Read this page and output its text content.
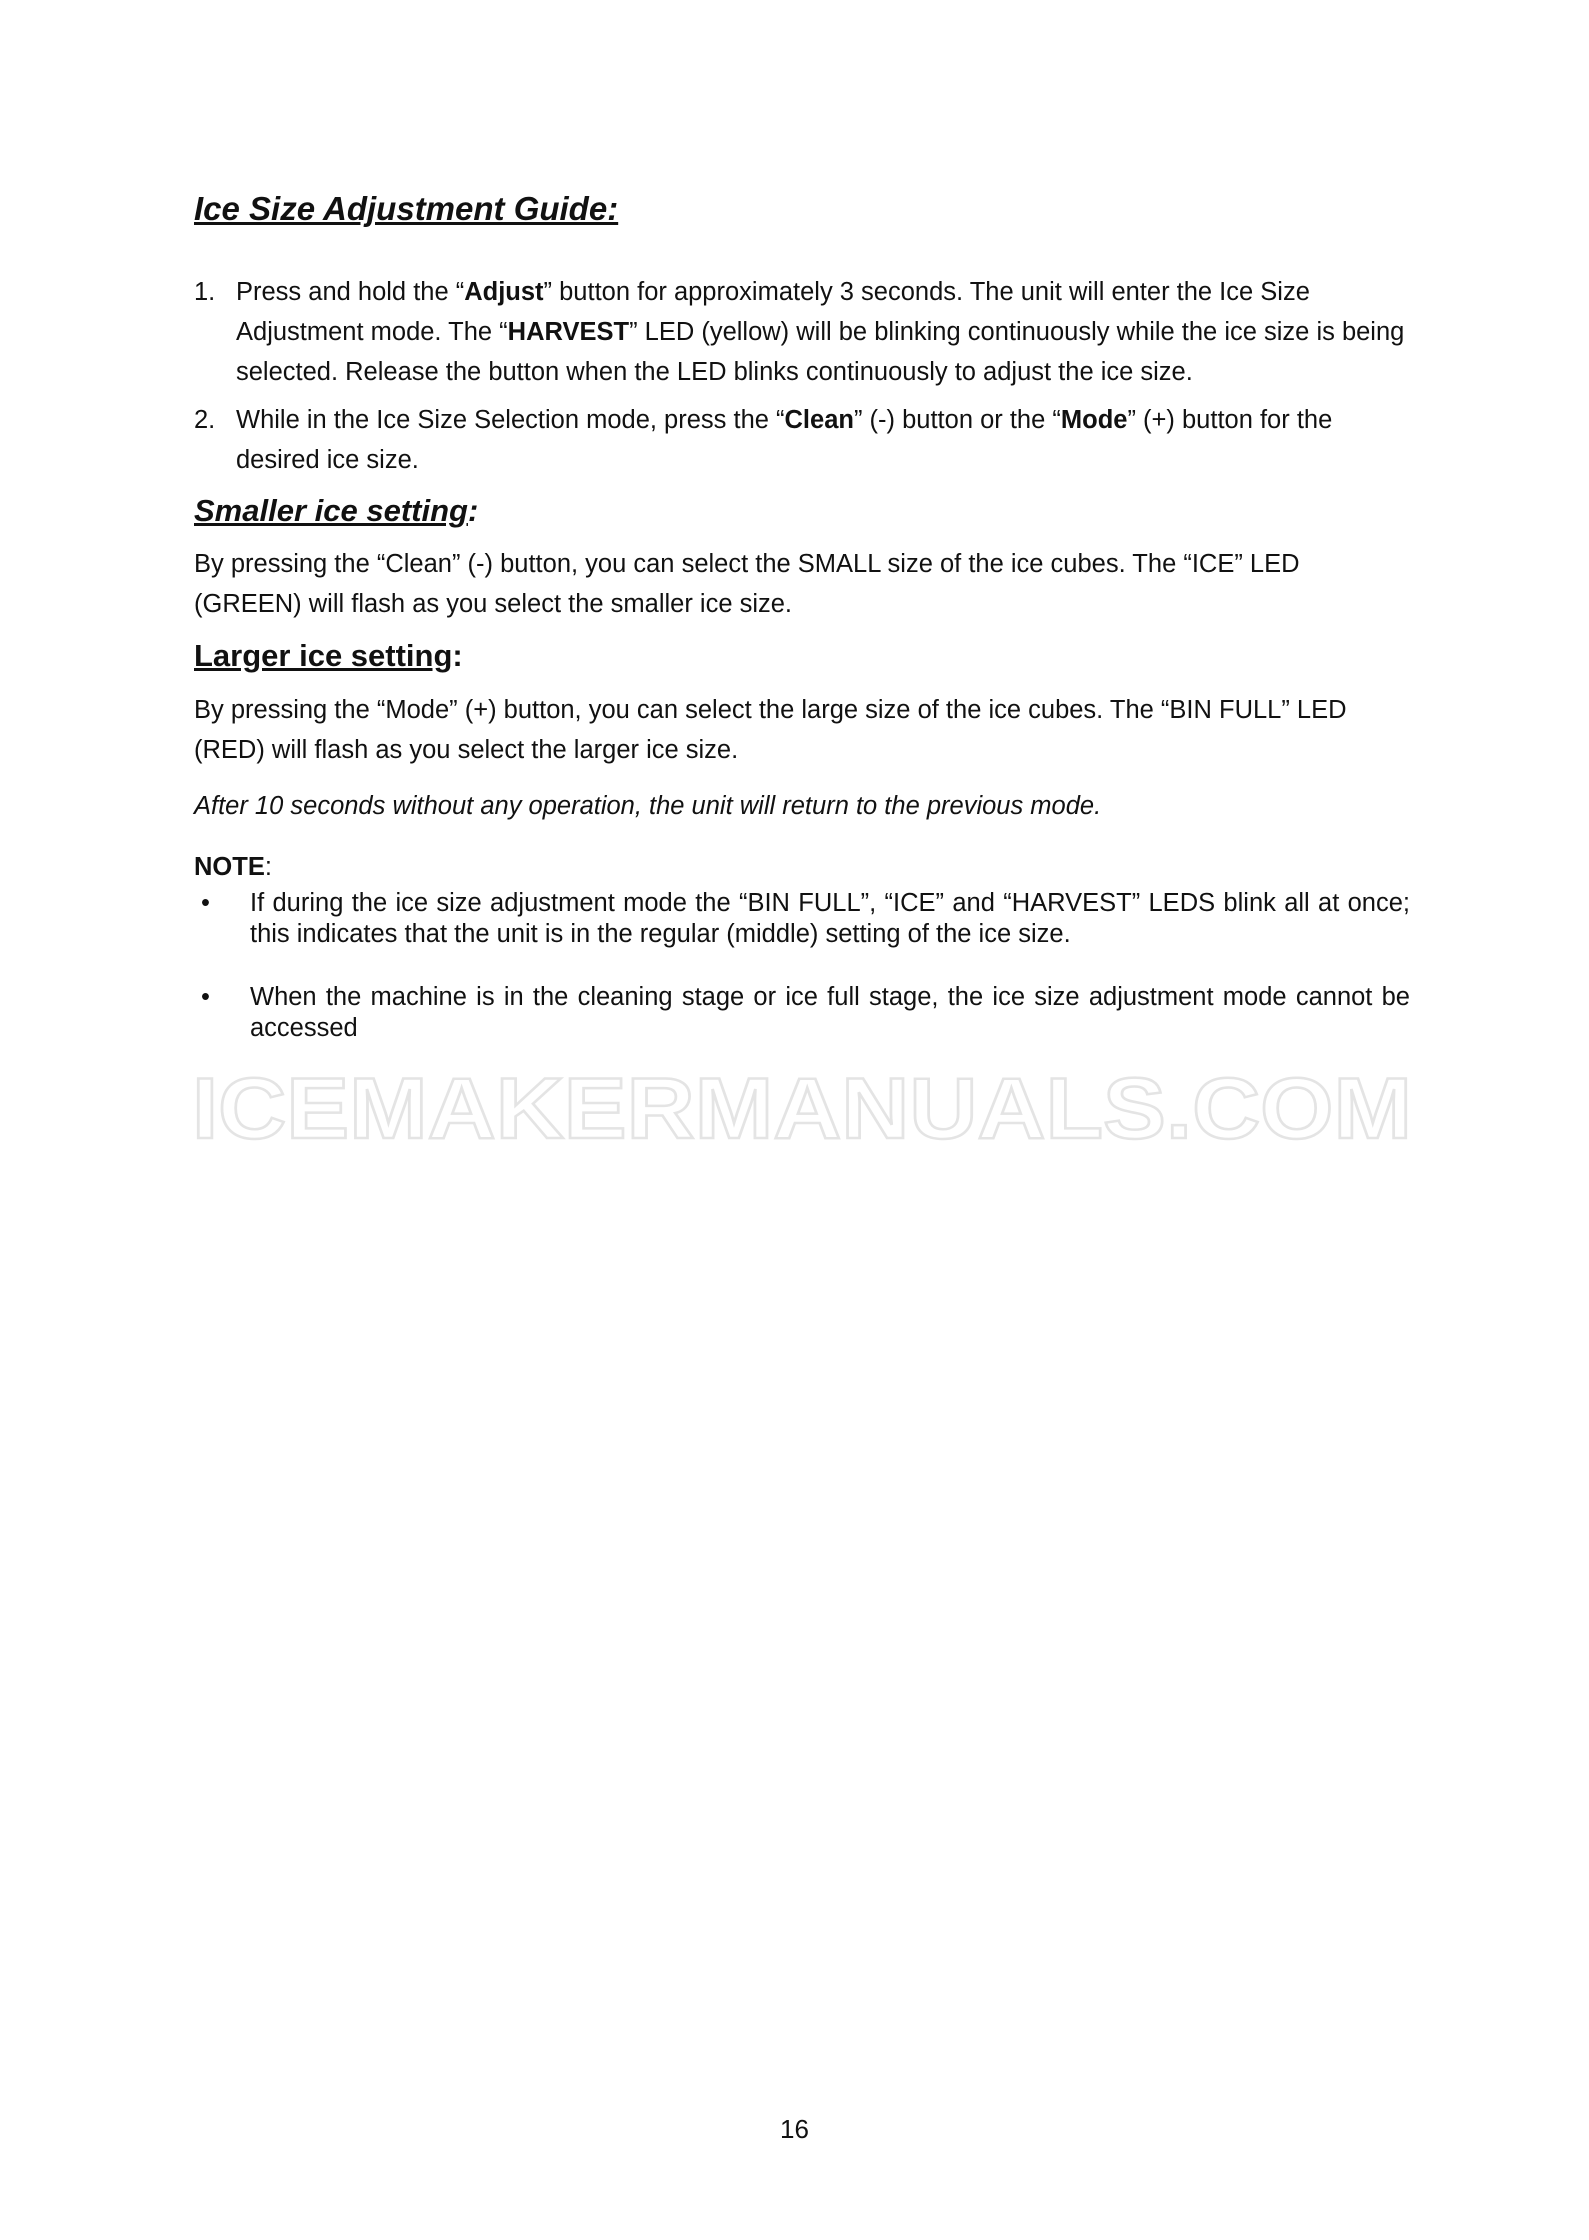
Ice Size Adjustment Guide:
1. Press and hold the “Adjust” button for approximately 3 seconds. The unit will enter the Ice Size Adjustment mode. The “HARVEST” LED (yellow) will be blinking continuously while the ice size is being selected. Release the button when the LED blinks continuously to adjust the ice size.
2. While in the Ice Size Selection mode, press the “Clean” (-) button or the “Mode” (+) button for the desired ice size.
Smaller ice setting:

By pressing the “Clean” (-) button, you can select the SMALL size of the ice cubes. The “ICE” LED (GREEN) will flash as you select the smaller ice size.

Larger ice setting:

By pressing the “Mode” (+) button, you can select the large size of the ice cubes. The “BIN FULL” LED (RED) will flash as you select the larger ice size.

After 10 seconds without any operation, the unit will return to the previous mode.

NOTE:

• If during the ice size adjustment mode the “BIN FULL”, “ICE” and “HARVEST” LEDS blink all at once; this indicates that the unit is in the regular (middle) setting of the ice size.
• When the machine is in the cleaning stage or ice full stage, the ice size adjustment mode cannot be accessed
ICEMAKERMANUALS.COM

16
